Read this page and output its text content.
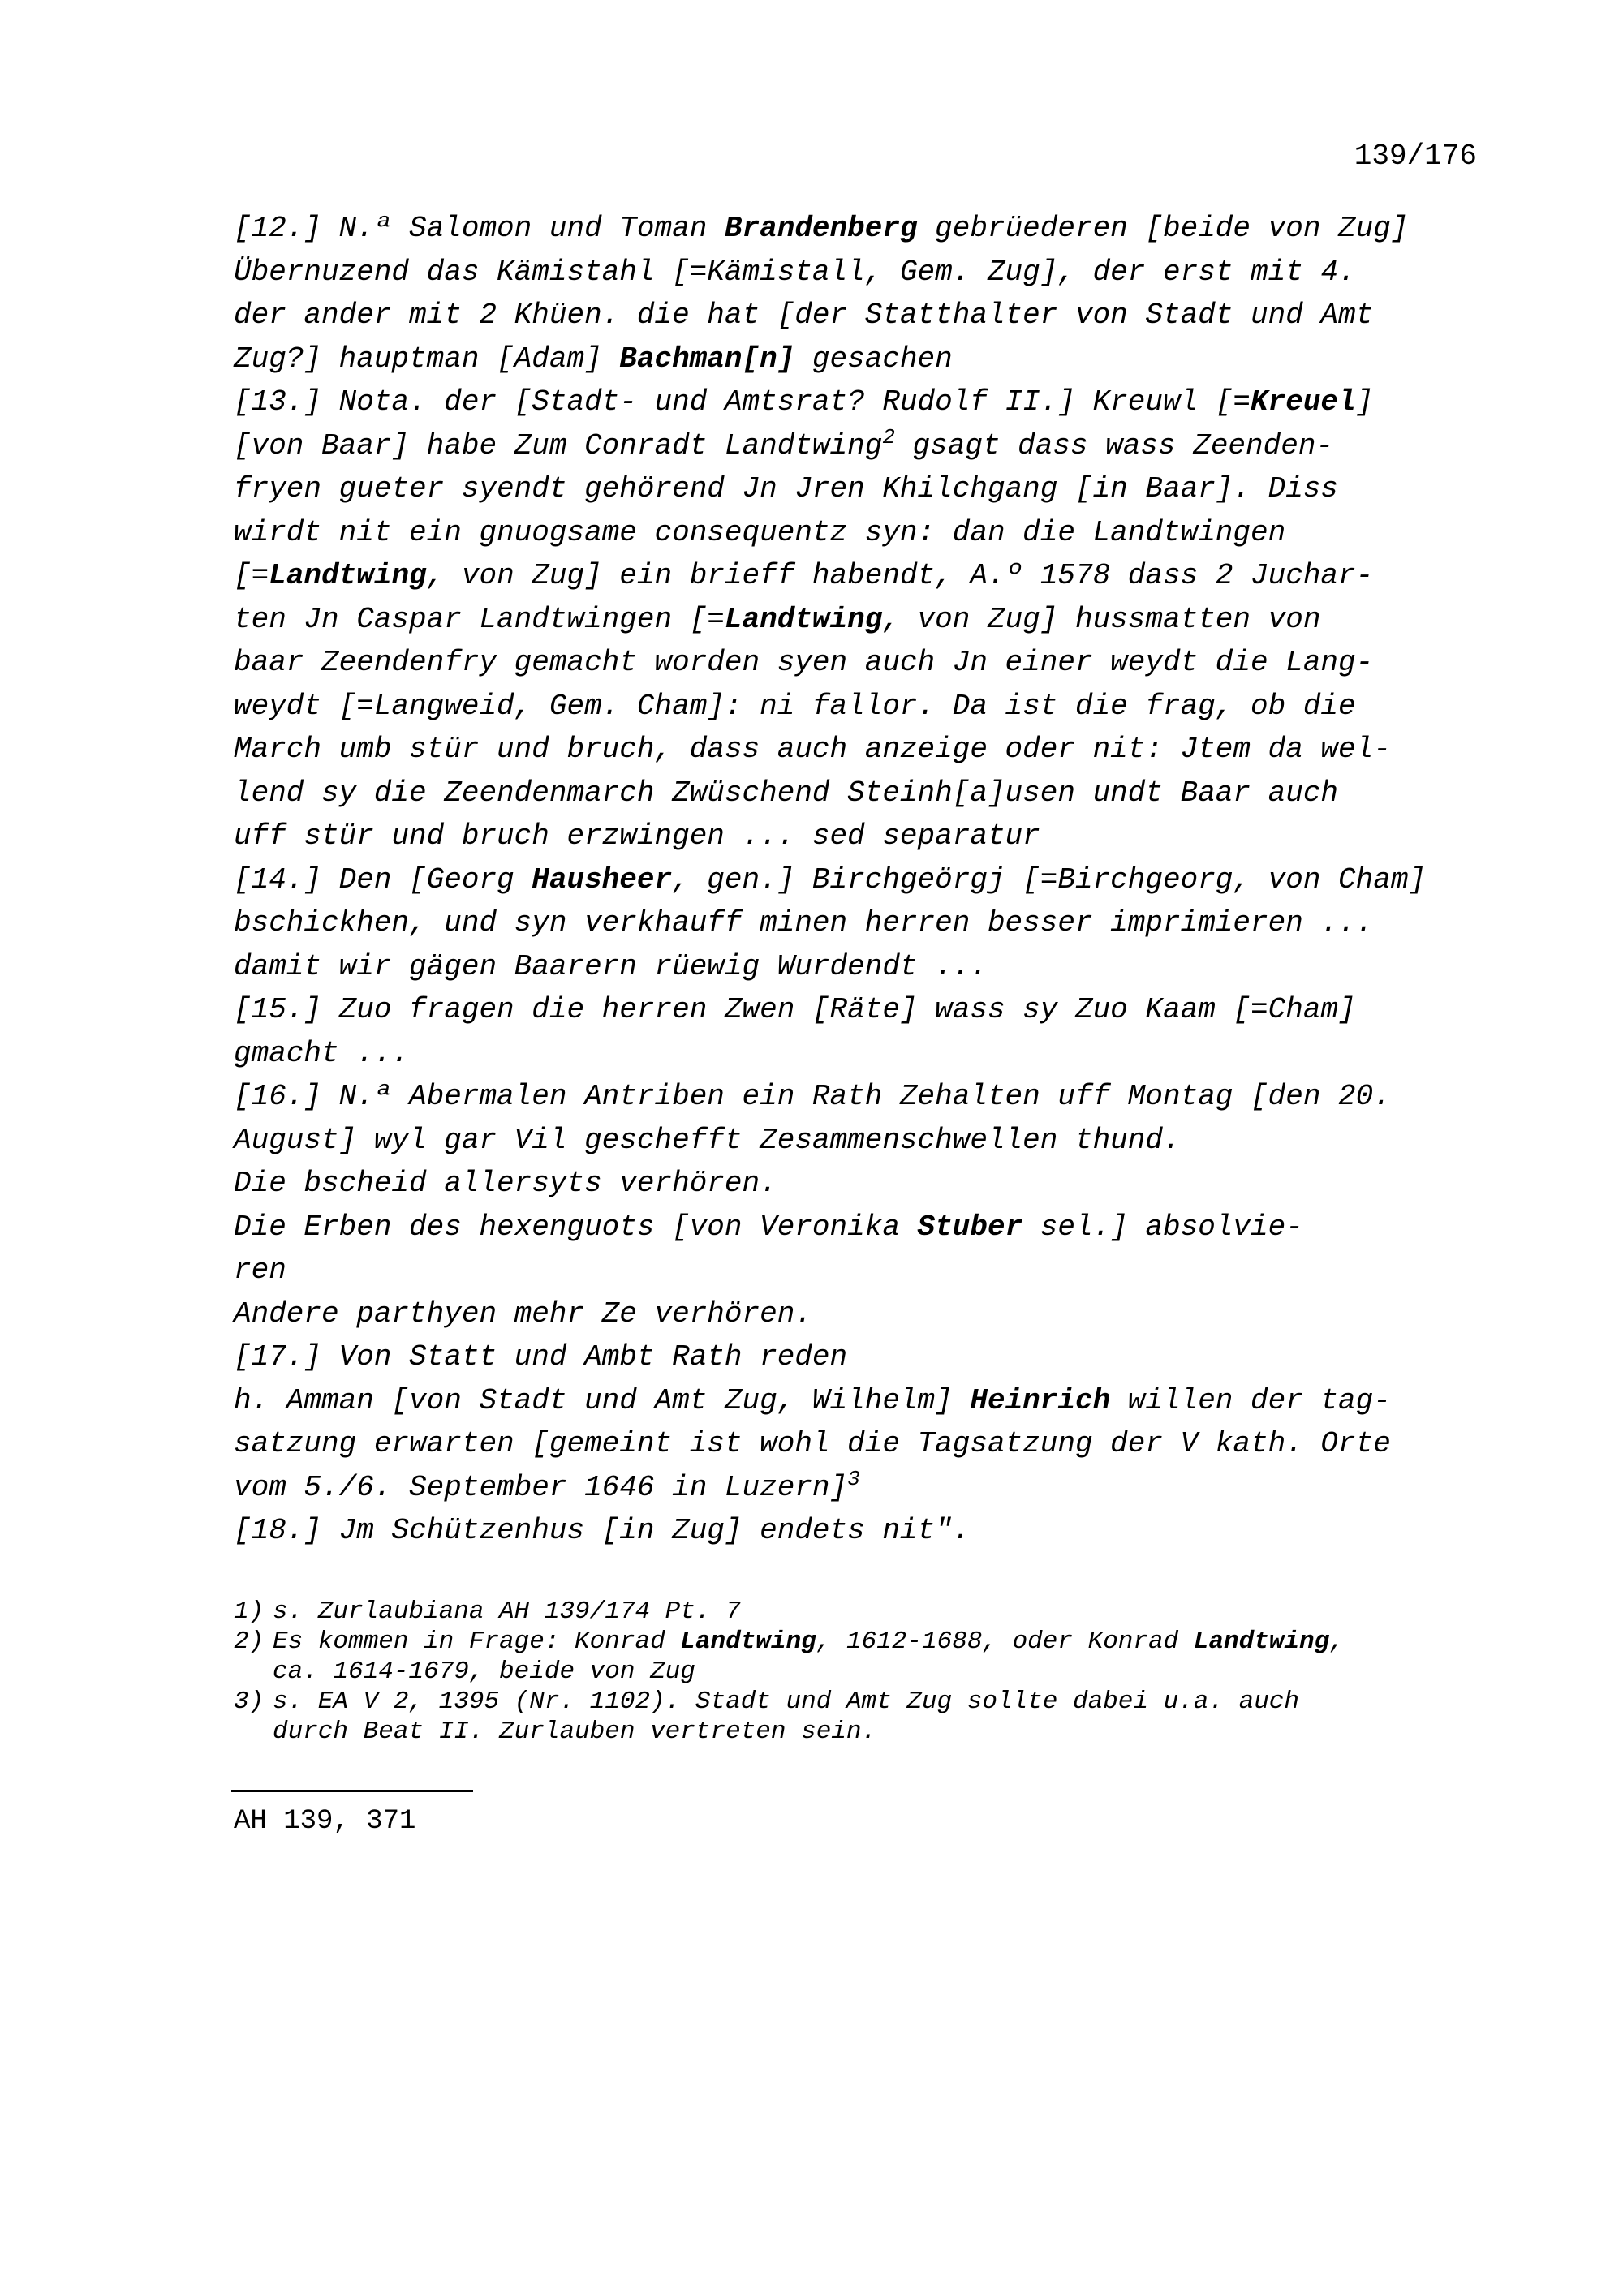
139/176
[12.] N.ª Salomon und Toman Brandenberg gebrüederen [beide von Zug]
Übernuzend das Kämistahl [=Kämistall, Gem. Zug], der erst mit 4.
der ander mit 2 Khüen. die hat [der Statthalter von Stadt und Amt
Zug?] hauptman [Adam] Bachman[n] gesachen
[13.] Nota. der [Stadt- und Amtsrat? Rudolf II.] Kreuwl [=Kreuel]
[von Baar] habe Zum Conradt Landtwing$^2$ gsagt dass wass Zeenden-
fryen gueter syendt gehörend Jn Jren Khilchgang [in Baar]. Diss
wirdt nit ein gnuogsame consequentz syn: dan die Landtwingen
[=Landtwing, von Zug] ein brieff habendt, A.º 1578 dass 2 Juchar-
ten Jn Caspar Landtwingen [=Landtwing, von Zug] hussmatten von
baar Zeendenfry gemacht worden syen auch Jn einer weydt die Lang-
weydt [=Langweid, Gem. Cham]: ni fallor. Da ist die frag, ob die
March umb stür und bruch, dass auch anzeige oder nit: Jtem da wel-
lend sy die Zeendenmarch Zwüschend Steinh[a]usen undt Baar auch
uff stür und bruch erzwingen ... sed separatur
[14.] Den [Georg Hausheer, gen.] Birchgeörgj [=Birchgeorg, von Cham]
bschickhen, und syn verkhauff minen herren besser imprimieren ...
damit wir gägen Baarern rüewig Wurdendt ...
[15.] Zuo fragen die herren Zwen [Räte] wass sy Zuo Kaam [=Cham]
gmacht ...
[16.] N.ª Abermalen Antriben ein Rath Zehalten uff Montag [den 20.
August] wyl gar Vil geschefft Zesammenschwellen thund.
Die bscheid allersyts verhören.
Die Erben des hexenguots [von Veronika Stuber sel.] absolvie-
ren
Andere parthyen mehr Ze verhören.
[17.] Von Statt und Ambt Rath reden
h. Amman [von Stadt und Amt Zug, Wilhelm] Heinrich willen der tag-
satzung erwarten [gemeint ist wohl die Tagsatzung der V kath. Orte
vom 5./6. September 1646 in Luzern]$^3$
[18.] Jm Schützenhus [in Zug] endets nit".
1) s. Zurlaubiana AH 139/174 Pt. 7
2) Es kommen in Frage: Konrad Landtwing, 1612-1688, oder Konrad Landtwing,
ca. 1614-1679, beide von Zug
3) s. EA V 2, 1395 (Nr. 1102). Stadt und Amt Zug sollte dabei u.a. auch
durch Beat II. Zurlauben vertreten sein.
AH 139, 371
